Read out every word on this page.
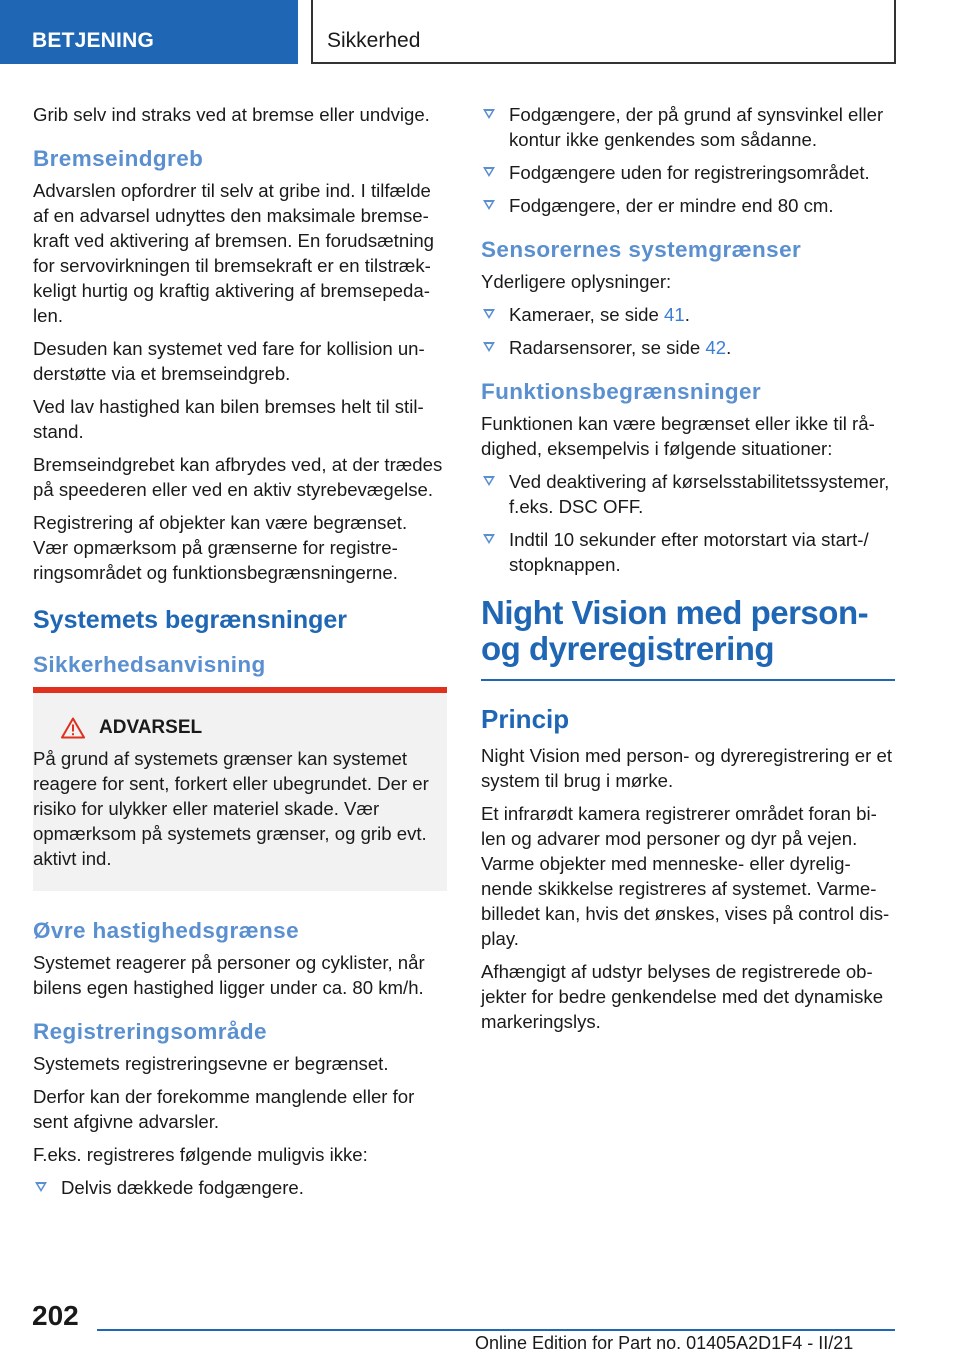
BETJENING	Sikkerhed

Grib selv ind straks ved at bremse eller undvige.

Bremseindgreb

Advarslen opfordrer til selv at gribe ind. I tilfælde af en advarsel udnyttes den maksimale bremsekraft ved aktivering af bremsen. En forudsætning for servovirkningen til bremsekraft er en tilstrækkeligt hurtig og kraftig aktivering af bremsepedalen.

Desuden kan systemet ved fare for kollision understøtte via et bremseindgreb.

Ved lav hastighed kan bilen bremses helt til stilstand.

Bremseindgrebet kan afbrydes ved, at der trædes på speederen eller ved en aktiv styrebevægelse.

Registrering af objekter kan være begrænset. Vær opmærksom på grænserne for registreringsområdet og funktionsbegrænsningerne.

Systemets begrænsninger
Sikkerhedsanvisning
ADVARSEL

På grund af systemets grænser kan systemet reagere for sent, forkert eller ubegrundet. Der er risiko for ulykker eller materiel skade. Vær opmærksom på systemets grænser, og grib evt. aktivt ind.

Øvre hastighedsgrænse

Systemet reagerer på personer og cyklister, når bilens egen hastighed ligger under ca. 80 km/h.

Registreringsområde

Systemets registreringsevne er begrænset.

Derfor kan der forekomme manglende eller for sent afgivne advarsler.

F.eks. registreres følgende muligvis ikke:

Delvis dækkede fodgængere.
Fodgængere, der på grund af synsvinkel eller kontur ikke genkendes som sådanne.
Fodgængere uden for registreringsområdet.
Fodgængere, der er mindre end 80 cm.
Sensorernes systemgrænser

Yderligere oplysninger:

Kameraer, se side 41.
Radarsensorer, se side 42.
Funktionsbegrænsninger

Funktionen kan være begrænset eller ikke til rådighed, eksempelvis i følgende situationer:

Ved deaktivering af kørselsstabilitetssystemer, f.eks. DSC OFF.
Indtil 10 sekunder efter motorstart via start-/ stopknappen.
Night Vision med person- og dyreregistrering
Princip

Night Vision med person- og dyreregistrering er et system til brug i mørke.

Et infrarødt kamera registrerer området foran bilen og advarer mod personer og dyr på vejen. Varme objekter med menneske- eller dyrelignende skikkelse registreres af systemet. Varmebilledet kan, hvis det ønskes, vises på control display.

Afhængigt af udstyr belyses de registrerede objekter for bedre genkendelse med det dynamiske markeringslys.

202
Online Edition for Part no. 01405A2D1F4 - II/21
